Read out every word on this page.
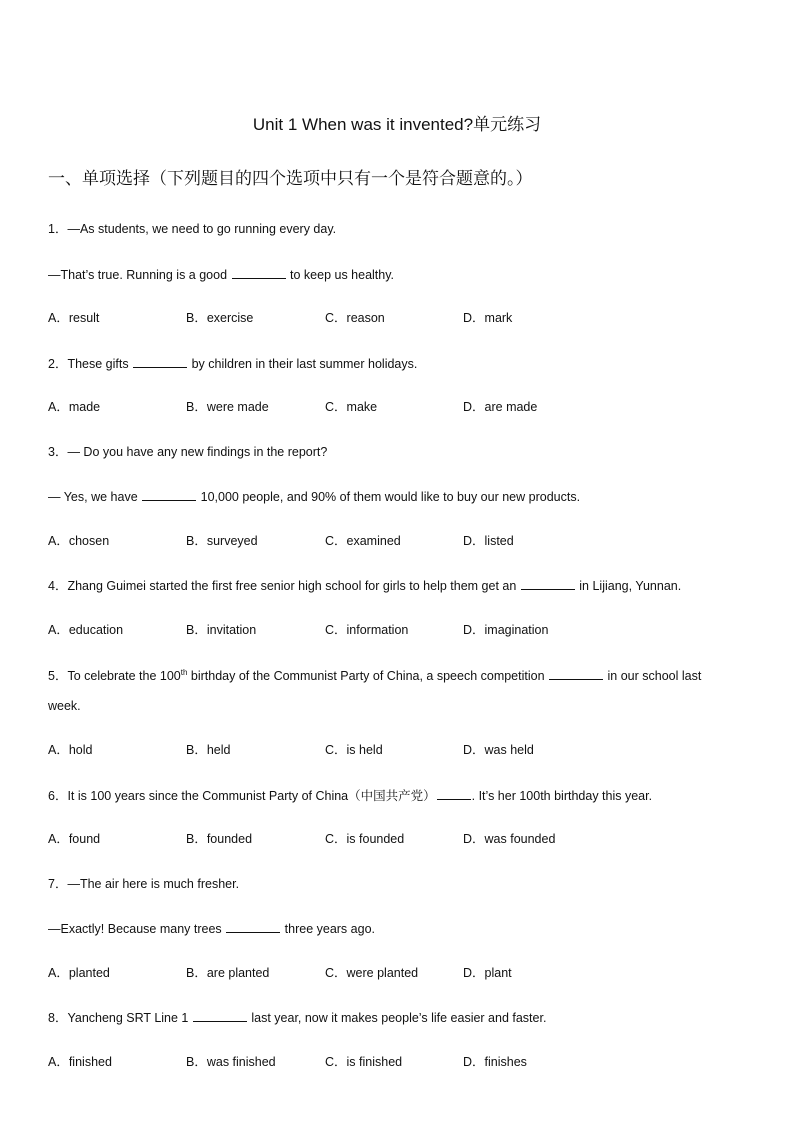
Unit 1 When was it invented?单元练习
一、单项选择（下列题目的四个选项中只有一个是符合题意的。）
1．—As students, we need to go running every day.
—That’s true. Running is a good	to keep us healthy.
A．result	B．exercise	C．reason	D．mark
2．These gifts	by children in their last summer holidays.
A．made	B．were made	C．make	D．are made
3．— Do you have any new findings in the report?
— Yes, we have	10,000 people, and 90% of them would like to buy our new products.
A．chosen	B．surveyed	C．examined	D．listed
4．Zhang Guimei started the first free senior high school for girls to help them get an	in Lijiang, Yunnan.
A．education	B．invitation	C．information	D．imagination
5．To celebrate the 100th birthday of the Communist Party of China, a speech competition	in our school last
week.
A．hold	B．held	C．is held	D．was held
6．It is 100 years since the Communist Party of China（中国共产党）	. It’s her 100th birthday this year.
A．found	B．founded	C．is founded	D．was founded
7．—The air here is much fresher.
—Exactly! Because many trees	three years ago.
A．planted	B．are planted	C．were planted	D．plant
8．Yancheng SRT Line 1	last year, now it makes people’s life easier and faster.
A．finished	B．was finished	C．is finished	D．finishes
